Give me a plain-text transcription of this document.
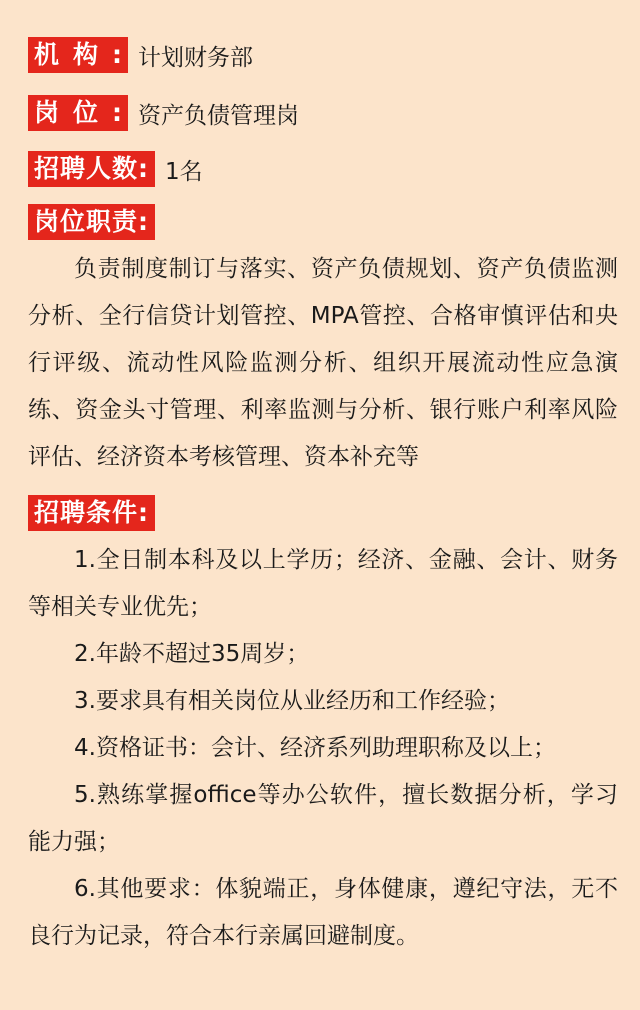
机构: 计划财务部
岗位: 资产负债管理岗
招聘人数: 1名
岗位职责:

负责制度制订与落实、资产负债规划、资产负债监测分析、全行信贷计划管控、MPA管控、合格审慎评估和央行评级、流动性风险监测分析、组织开展流动性应急演练、资金头寸管理、利率监测与分析、银行账户利率风险评估、经济资本考核管理、资本补充等

招聘条件:

1.全日制本科及以上学历；经济、金融、会计、财务等相关专业优先；

2.年龄不超过35周岁；

3.要求具有相关岗位从业经历和工作经验；

4.资格证书：会计、经济系列助理职称及以上；

5.熟练掌握office等办公软件，擅长数据分析，学习能力强；

6.其他要求：体貌端正，身体健康，遵纪守法，无不良行为记录，符合本行亲属回避制度。
